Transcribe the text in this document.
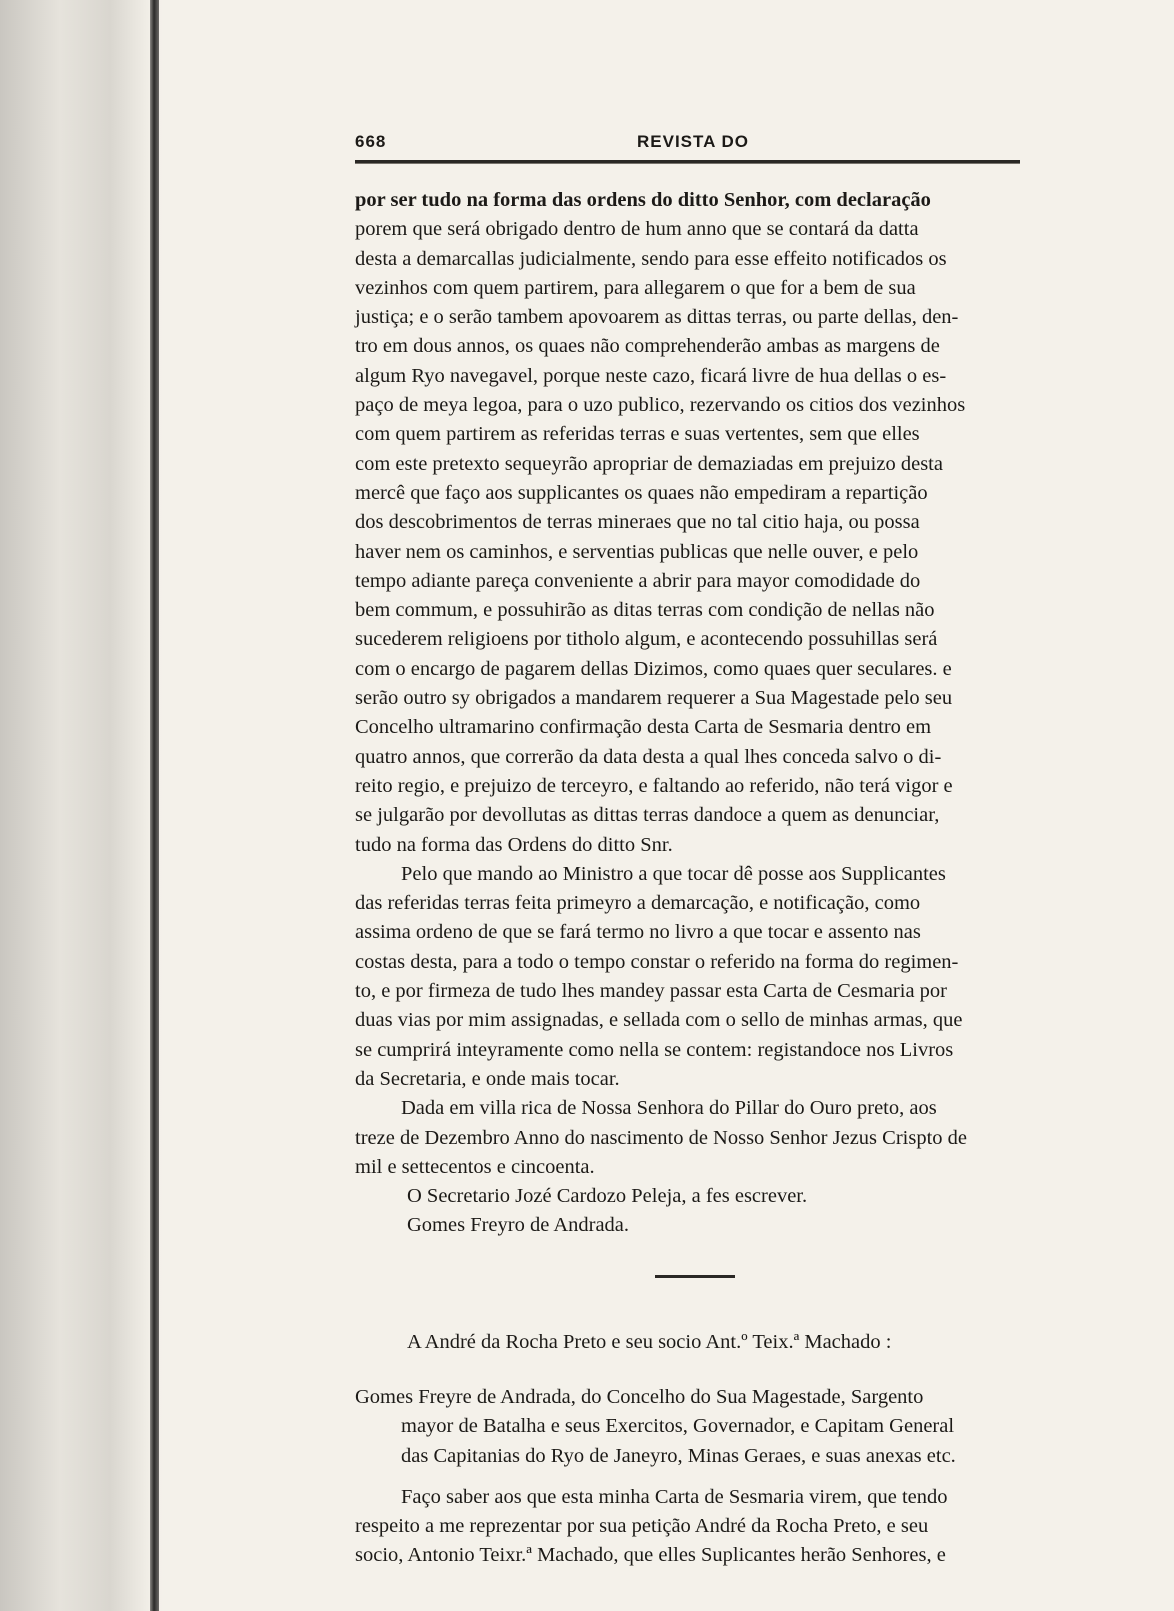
668	REVISTA DO

por ser tudo na forma das ordens do ditto Senhor, com declaração
porem que será obrigado dentro de hum anno que se contará da datta
desta a demarcallas judicialmente, sendo para esse effeito notificados os
vezinhos com quem partirem, para allegarem o que for a bem de sua
justiça; e o serão tambem apovoarem as dittas terras, ou parte dellas, den-
tro em dous annos, os quaes não comprehenderão ambas as margens de
algum Ryo navegavel, porque neste cazo, ficará livre de hua dellas o es-
paço de meya legoa, para o uzo publico, rezervando os citios dos vezinhos
com quem partirem as referidas terras e suas vertentes, sem que elles
com este pretexto sequeyrão apropriar de demaziadas em prejuizo desta
mercê que faço aos supplicantes os quaes não empediram a repartição
dos descobrimentos de terras mineraes que no tal citio haja, ou possa
haver nem os caminhos, e serventias publicas que nelle ouver, e pelo
tempo adiante pareça conveniente a abrir para mayor comodidade do
bem commum, e possuhirão as ditas terras com condição de nellas não
sucederem religioens por titholo algum, e acontecendo possuhillas será
com o encargo de pagarem dellas Dizimos, como quaes quer seculares. e
serão outro sy obrigados a mandarem requerer a Sua Magestade pelo seu
Concelho ultramarino confirmação desta Carta de Sesmaria dentro em
quatro annos, que correrão da data desta a qual lhes conceda salvo o di-
reito regio, e prejuizo de terceyro, e faltando ao referido, não terá vigor e
se julgarão por devollutas as dittas terras dandoce a quem as denunciar,
tudo na forma das Ordens do ditto Snr.

Pelo que mando ao Ministro a que tocar dê posse aos Supplicantes
das referidas terras feita primeyro a demarcação, e notificação, como
assima ordeno de que se fará termo no livro a que tocar e assento nas
costas desta, para a todo o tempo constar o referido na forma do regimen-
to, e por firmeza de tudo lhes mandey passar esta Carta de Cesmaria por
duas vias por mim assignadas, e sellada com o sello de minhas armas, que
se cumprirá inteyramente como nella se contem: registandoce nos Livros
da Secretaria, e onde mais tocar.

Dada em villa rica de Nossa Senhora do Pillar do Ouro preto, aos
treze de Dezembro Anno do nascimento de Nosso Senhor Jezus Crispto de
mil e settecentos e cincoenta.

O Secretario Jozé Cardozo Peleja, a fes escrever.

Gomes Freyro de Andrada.

A André da Rocha Preto e seu socio Ant.º Teix.ª Machado :

Gomes Freyre de Andrada, do Concelho do Sua Magestade, Sargento
mayor de Batalha e seus Exercitos, Governador, e Capitam General
das Capitanias do Ryo de Janeyro, Minas Geraes, e suas anexas etc.

Faço saber aos que esta minha Carta de Sesmaria virem, que tendo
respeito a me reprezentar por sua petição André da Rocha Preto, e seu
socio, Antonio Teixr.ª Machado, que elles Suplicantes herão Senhores, e
